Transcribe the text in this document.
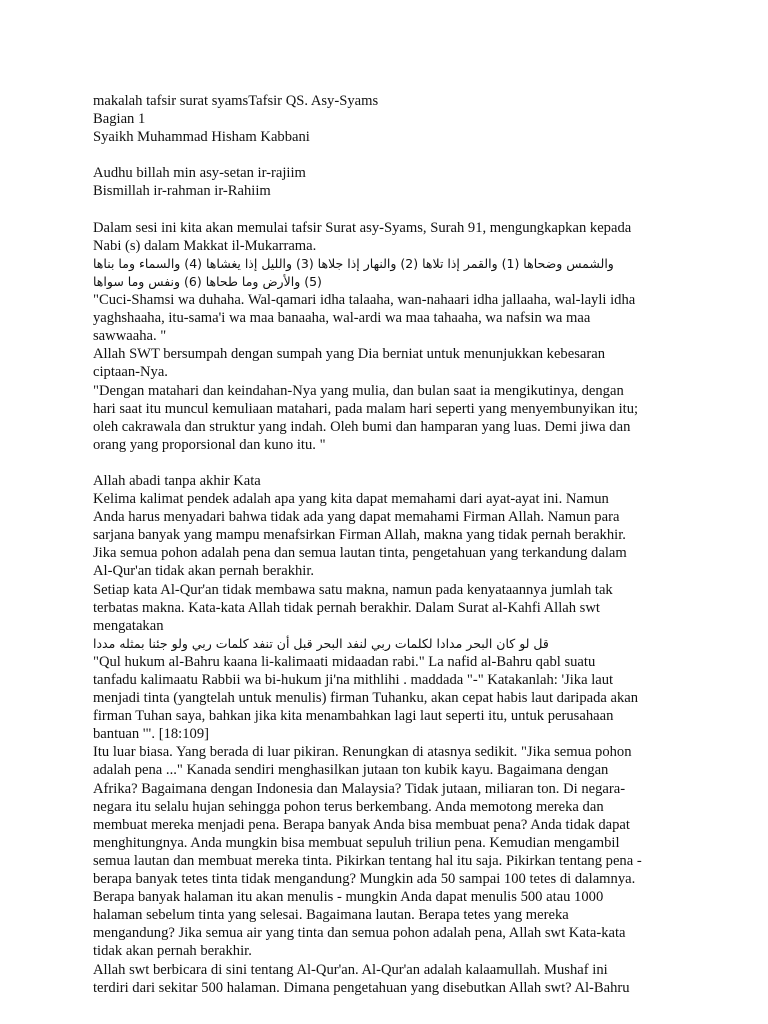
makalah tafsir surat syamsTafsir QS. Asy-Syams
Bagian 1
Syaikh Muhammad Hisham Kabbani
Audhu billah min asy-setan ir-rajiim
Bismillah ir-rahman ir-Rahiim
Dalam sesi ini kita akan memulai tafsir Surat asy-Syams, Surah 91, mengungkapkan kepada
Nabi (s) dalam Makkat il-Mukarrama.
والشمس وضحاها (1) والقمر إذا تلاها (2) والنهار إذا جلاها (3) والليل إذا يغشاها (4) والسماء وما بناها
(5) والأرض وما طحاها (6) ونفس وما سواها
"Cuci-Shamsi wa duhaha. Wal-qamari idha talaaha, wan-nahaari idha jallaaha, wal-layli idha
yaghshaaha, itu-sama'i wa maa banaaha, wal-ardi wa maa tahaaha, wa nafsin wa maa
sawwaaha. "
Allah SWT bersumpah dengan sumpah yang Dia berniat untuk menunjukkan kebesaran
ciptaan-Nya.
"Dengan matahari dan keindahan-Nya yang mulia, dan bulan saat ia mengikutinya, dengan
hari saat itu muncul kemuliaan matahari, pada malam hari seperti yang menyembunyikan itu;
oleh cakrawala dan struktur yang indah. Oleh bumi dan hamparan yang luas. Demi jiwa dan
orang yang proporsional dan kuno itu. "
Allah abadi tanpa akhir Kata
Kelima kalimat pendek adalah apa yang kita dapat memahami dari ayat-ayat ini. Namun
Anda harus menyadari bahwa tidak ada yang dapat memahami Firman Allah. Namun para
sarjana banyak yang mampu menafsirkan Firman Allah, makna yang tidak pernah berakhir.
Jika semua pohon adalah pena dan semua lautan tinta, pengetahuan yang terkandung dalam
Al-Qur'an tidak akan pernah berakhir.
Setiap kata Al-Qur'an tidak membawa satu makna, namun pada kenyataannya jumlah tak
terbatas makna. Kata-kata Allah tidak pernah berakhir. Dalam Surat al-Kahfi Allah swt
mengatakan
قل لو كان البحر مدادا لكلمات ربي لنفد البحر قبل أن تنفد كلمات ربي ولو جئنا بمثله مددا
"Qul hukum al-Bahru kaana li-kalimaati midaadan rabi." La nafid al-Bahru qabl suatu
tanfadu kalimaatu Rabbii wa bi-hukum ji'na mithlihi . maddada "-" Katakanlah: 'Jika laut
menjadi tinta (yangtelah untuk menulis) firman Tuhanku, akan cepat habis laut daripada akan
firman Tuhan saya, bahkan jika kita menambahkan lagi laut seperti itu, untuk perusahaan
bantuan '". [18:109]
Itu luar biasa. Yang berada di luar pikiran. Renungkan di atasnya sedikit. "Jika semua pohon
adalah pena ..." Kanada sendiri menghasilkan jutaan ton kubik kayu. Bagaimana dengan
Afrika? Bagaimana dengan Indonesia dan Malaysia? Tidak jutaan, miliaran ton. Di negara-
negara itu selalu hujan sehingga pohon terus berkembang. Anda memotong mereka dan
membuat mereka menjadi pena. Berapa banyak Anda bisa membuat pena? Anda tidak dapat
menghitungnya. Anda mungkin bisa membuat sepuluh triliun pena. Kemudian mengambil
semua lautan dan membuat mereka tinta. Pikirkan tentang hal itu saja. Pikirkan tentang pena -
berapa banyak tetes tinta tidak mengandung? Mungkin ada 50 sampai 100 tetes di dalamnya.
Berapa banyak halaman itu akan menulis - mungkin Anda dapat menulis 500 atau 1000
halaman sebelum tinta yang selesai. Bagaimana lautan. Berapa tetes yang mereka
mengandung? Jika semua air yang tinta dan semua pohon adalah pena, Allah swt Kata-kata
tidak akan pernah berakhir.
Allah swt berbicara di sini tentang Al-Qur'an. Al-Qur'an adalah kalaamullah. Mushaf ini
terdiri dari sekitar 500 halaman. Dimana pengetahuan yang disebutkan Allah swt? Al-Bahru
